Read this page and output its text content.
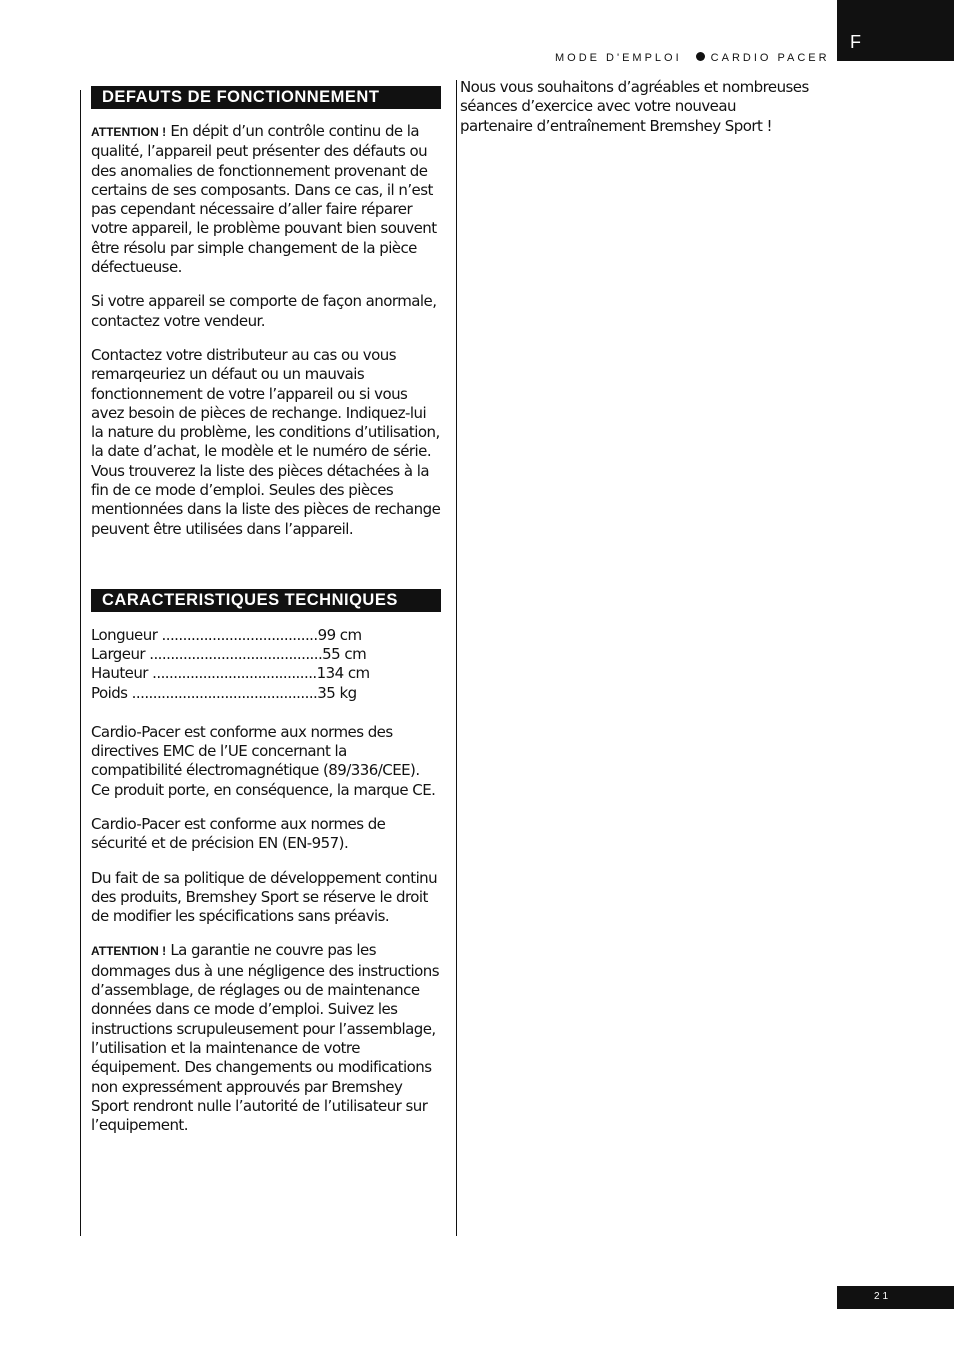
F
MODE D'EMPLOI	CARDIO PACER
DEFAUTS DE FONCTIONNEMENT

ATTENTION ! En dépit d’un contrôle continu de la qualité, l’appareil peut présenter des défauts ou des anomalies de fonctionnement provenant de certains de ses composants. Dans ce cas, il n’est pas cependant nécessaire d’aller faire réparer votre appareil, le problème pouvant bien souvent être résolu par simple changement de la pièce défectueuse.

Si votre appareil se comporte de façon anormale, contactez votre vendeur.

Contactez votre distributeur au cas ou vous remarqeuriez un défaut ou un mauvais fonctionnement de votre l’appareil ou si vous avez besoin de pièces de rechange. Indiquez-lui la nature du problème, les conditions d’utilisation, la date d’achat, le modèle et le numéro de série. Vous trouverez la liste des pièces détachées à la fin de ce mode d’emploi. Seules des pièces mentionnées dans la liste des pièces de rechange peuvent être utilisées dans l’appareil.

CARACTERISTIQUES TECHNIQUES
Longueur .....................................99 cm
Largeur .........................................55 cm
Hauteur .......................................134 cm
Poids ............................................35 kg

Cardio-Pacer est conforme aux normes des directives EMC de l’UE concernant la compatibilité électromagnétique (89/336/CEE). Ce produit porte, en conséquence, la marque CE.

Cardio-Pacer est conforme aux normes de sécurité et de précision EN (EN-957).

Du fait de sa politique de développement continu des produits, Bremshey Sport se réserve le droit de modifier les spécifications sans préavis.

ATTENTION ! La garantie ne couvre pas les dommages dus à une négligence des instructions d’assemblage, de réglages ou de maintenance données dans ce mode d’emploi. Suivez les instructions scrupuleusement pour l’assemblage, l’utilisation et la maintenance de votre équipement. Des changements ou modifications non expressément approuvés par Bremshey Sport rendront nulle l’autorité de l’utilisateur sur l’equipement.

Nous vous souhaitons d’agréables et nombreuses séances d’exercice avec votre nouveau partenaire d’entraînement Bremshey Sport !

21
